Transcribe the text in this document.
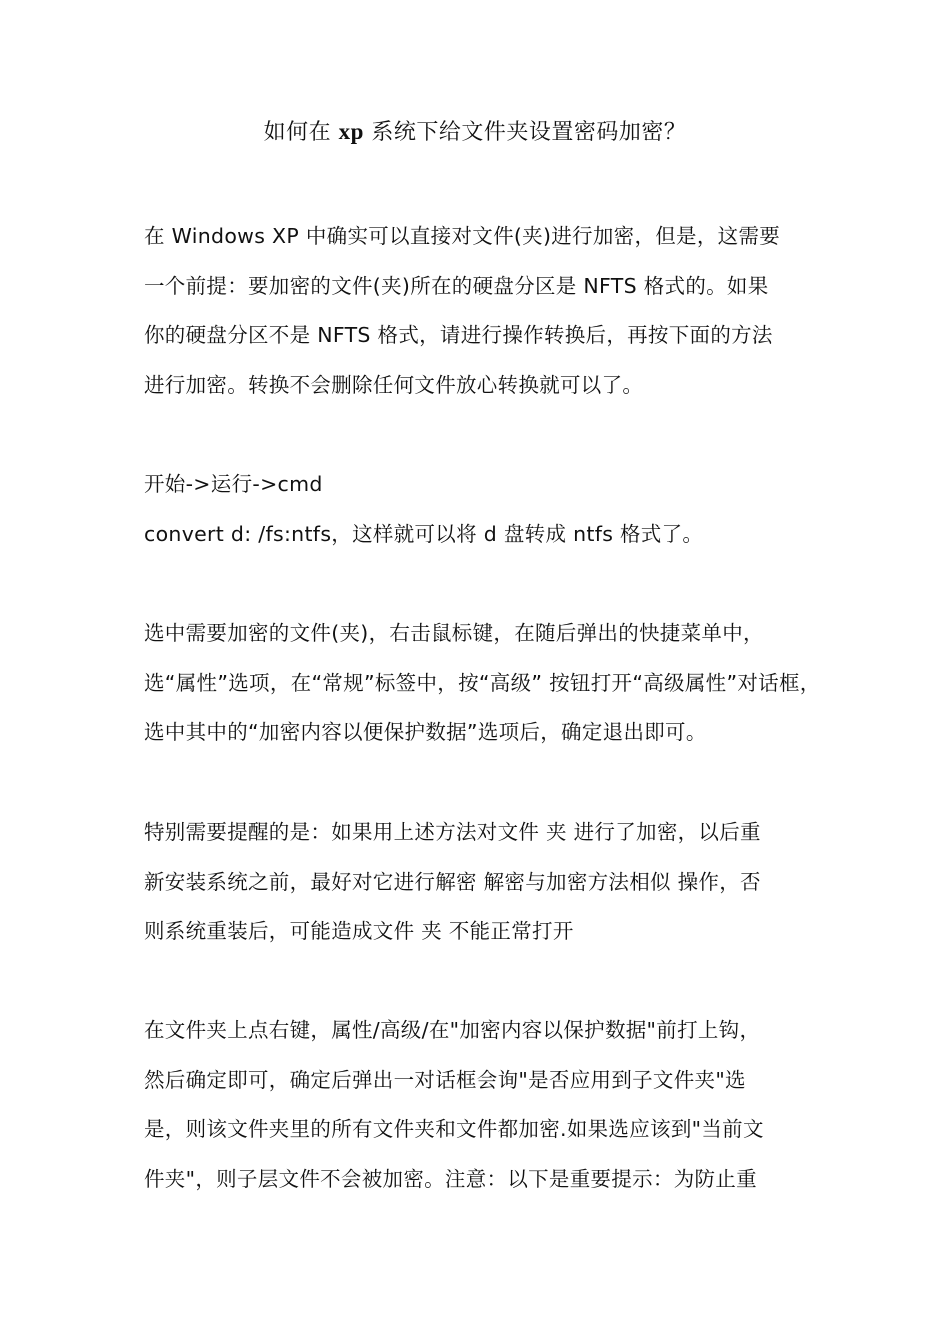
如何在 xp 系统下给文件夹设置密码加密？
在 Windows XP 中确实可以直接对文件(夹)进行加密，但是，这需要
一个前提：要加密的文件(夹)所在的硬盘分区是 NFTS 格式的。如果
你的硬盘分区不是 NFTS 格式，请进行操作转换后，再按下面的方法
进行加密。转换不会删除任何文件放心转换就可以了。
开始->运行->cmd
convert d: /fs:ntfs，这样就可以将 d 盘转成 ntfs 格式了。
选中需要加密的文件(夹)，右击鼠标键，在随后弹出的快捷菜单中，
选“属性”选项，在“常规”标签中，按“高级” 按钮打开“高级属性”对话框，
选中其中的“加密内容以便保护数据”选项后，确定退出即可。
特别需要提醒的是：如果用上述方法对文件 夹 进行了加密，以后重
新安装系统之前，最好对它进行解密 解密与加密方法相似 操作，否
则系统重装后，可能造成文件 夹 不能正常打开
在文件夹上点右键，属性/高级/在"加密内容以保护数据"前打上钩，
然后确定即可，确定后弹出一对话框会询"是否应用到子文件夹"选
是，则该文件夹里的所有文件夹和文件都加密.如果选应该到"当前文
件夹"，则子层文件不会被加密。注意：以下是重要提示：为防止重
